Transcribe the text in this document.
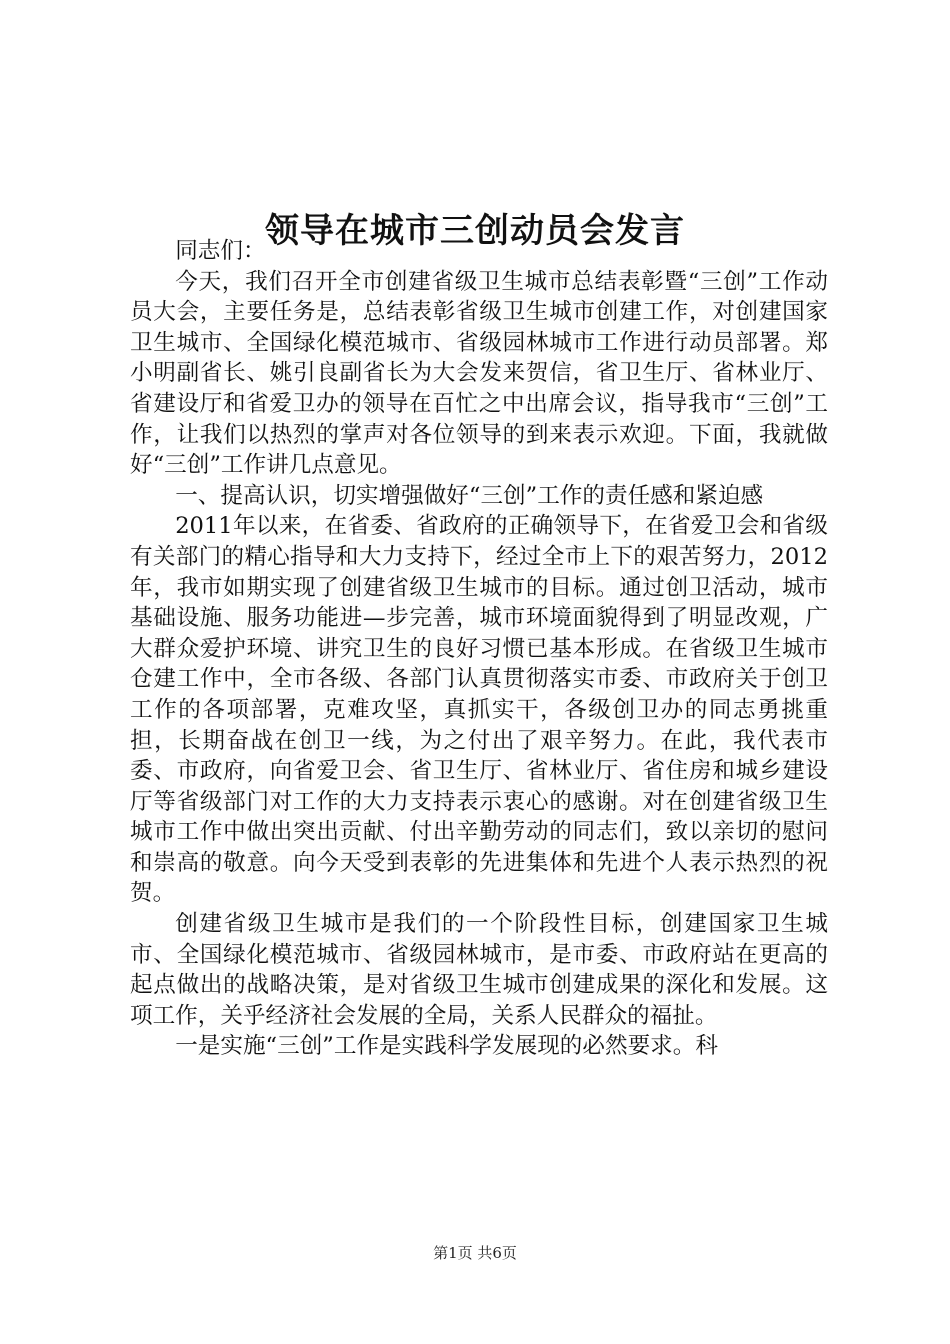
领导在城市三创动员会发言

同志们：

今天，我们召开全市创建省级卫生城市总结表彰暨“三创”工作动员大会，主要任务是，总结表彰省级卫生城市创建工作，对创建国家卫生城市、全国绿化模范城市、省级园林城市工作进行动员部署。郑小明副省长、姚引良副省长为大会发来贺信，省卫生厅、省林业厅、省建设厅和省爱卫办的领导在百忙之中出席会议，指导我市“三创”工作，让我们以热烈的掌声对各位领导的到来表示欢迎。下面，我就做好“三创”工作讲几点意见。

一、提高认识，切实增强做好“三创”工作的责任感和紧迫感

2011年以来，在省委、省政府的正确领导下，在省爱卫会和省级有关部门的精心指导和大力支持下，经过全市上下的艰苦努力，2012年，我市如期实现了创建省级卫生城市的目标。通过创卫活动，城市基础设施、服务功能进—步完善，城市环境面貌得到了明显改观，广大群众爱护环境、讲究卫生的良好习惯已基本形成。在省级卫生城市仓建工作中，全市各级、各部门认真贯彻落实市委、市政府关于创卫工作的各项部署，克难攻坚，真抓实干，各级创卫办的同志勇挑重担，长期奋战在创卫一线，为之付出了艰辛努力。在此，我代表市委、市政府，向省爱卫会、省卫生厅、省林业厅、省住房和城乡建设厅等省级部门对工作的大力支持表示衷心的感谢。对在创建省级卫生城市工作中做出突出贡献、付出辛勤劳动的同志们，致以亲切的慰问和崇高的敬意。向今天受到表彰的先进集体和先进个人表示热烈的祝贺。

创建省级卫生城市是我们的一个阶段性目标，创建国家卫生城市、全国绿化模范城市、省级园林城市，是市委、市政府站在更高的起点做出的战略决策，是对省级卫生城市创建成果的深化和发展。这项工作，关乎经济社会发展的全局，关系人民群众的福扯。

一是实施“三创”工作是实践科学发展现的必然要求。科

第1页 共6页
